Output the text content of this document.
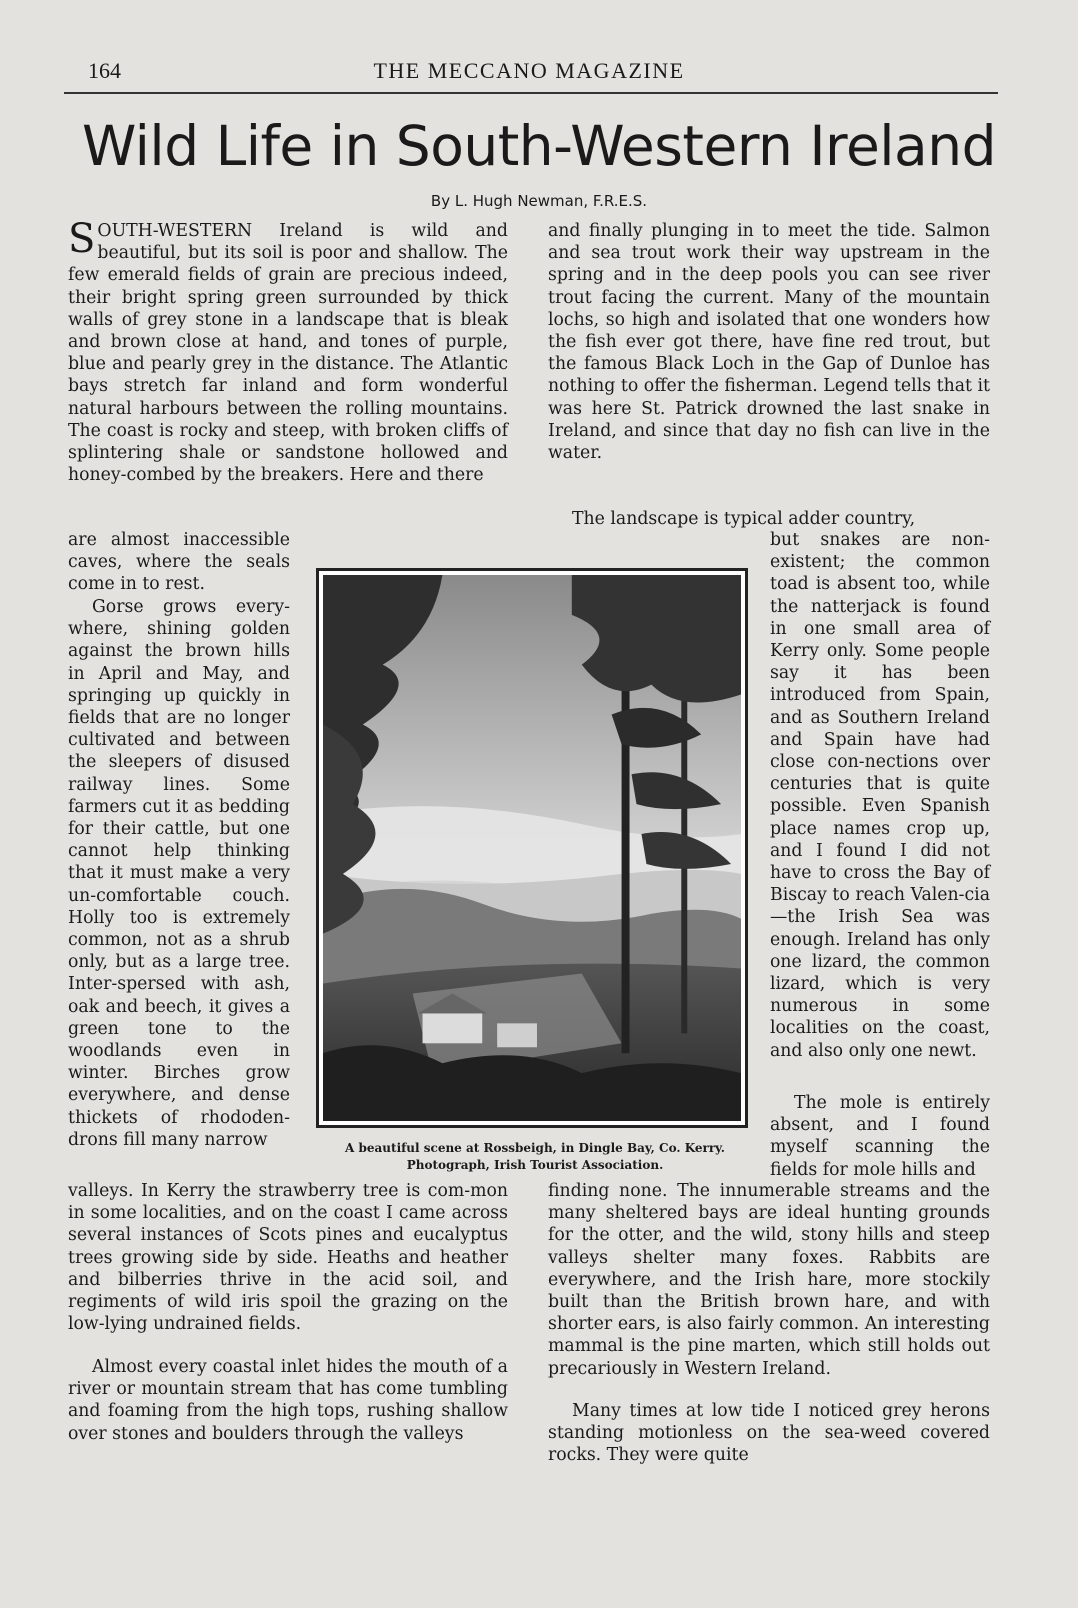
164	THE MECCANO MAGAZINE
Wild Life in South-Western Ireland
By L. Hugh Newman, F.R.E.S.
SOUTH-WESTERN Ireland is wild and beautiful, but its soil is poor and shallow. The few emerald fields of grain are precious indeed, their bright spring green surrounded by thick walls of grey stone in a landscape that is bleak and brown close at hand, and tones of purple, blue and pearly grey in the distance. The Atlantic bays stretch far inland and form wonderful natural harbours between the rolling mountains. The coast is rocky and steep, with broken cliffs of splintering shale or sandstone hollowed and honey-combed by the breakers. Here and there
are almost inaccessible caves, where the seals come in to rest.
Gorse grows every-where, shining golden against the brown hills in April and May, and springing up quickly in fields that are no longer cultivated and between the sleepers of disused railway lines. Some farmers cut it as bedding for their cattle, but one cannot help thinking that it must make a very un-comfortable couch. Holly too is extremely common, not as a shrub only, but as a large tree. Inter-spersed with ash, oak and beech, it gives a green tone to the woodlands even in winter. Birches grow everywhere, and dense thickets of rhododen-drons fill many narrow
valleys. In Kerry the strawberry tree is com-mon in some localities, and on the coast I came across several instances of Scots pines and eucalyptus trees growing side by side. Heaths and heather and bilberries thrive in the acid soil, and regiments of wild iris spoil the grazing on the low-lying undrained fields.
Almost every coastal inlet hides the mouth of a river or mountain stream that has come tumbling and foaming from the high tops, rushing shallow over stones and boulders through the valleys
and finally plunging in to meet the tide. Salmon and sea trout work their way upstream in the spring and in the deep pools you can see river trout facing the current. Many of the mountain lochs, so high and isolated that one wonders how the fish ever got there, have fine red trout, but the famous Black Loch in the Gap of Dunloe has nothing to offer the fisherman. Legend tells that it was here St. Patrick drowned the last snake in Ireland, and since that day no fish can live in the water.
The landscape is typical adder country,
but snakes are non-existent; the common toad is absent too, while the natterjack is found in one small area of Kerry only. Some people say it has been introduced from Spain, and as Southern Ireland and Spain have had close con-nections over centuries that is quite possible. Even Spanish place names crop up, and I found I did not have to cross the Bay of Biscay to reach Valen-cia—the Irish Sea was enough. Ireland has only one lizard, the common lizard, which is very numerous in some localities on the coast, and also only one newt.
The mole is entirely absent, and I found myself scanning the fields for mole hills and
finding none. The innumerable streams and the many sheltered bays are ideal hunting grounds for the otter, and the wild, stony hills and steep valleys shelter many foxes. Rabbits are everywhere, and the Irish hare, more stockily built than the British brown hare, and with shorter ears, is also fairly common. An interesting mammal is the pine marten, which still holds out precariously in Western Ireland.
Many times at low tide I noticed grey herons standing motionless on the sea-weed covered rocks. They were quite
A beautiful scene at Rossbeigh, in Dingle Bay, Co. Kerry. Photograph, Irish Tourist Association.
